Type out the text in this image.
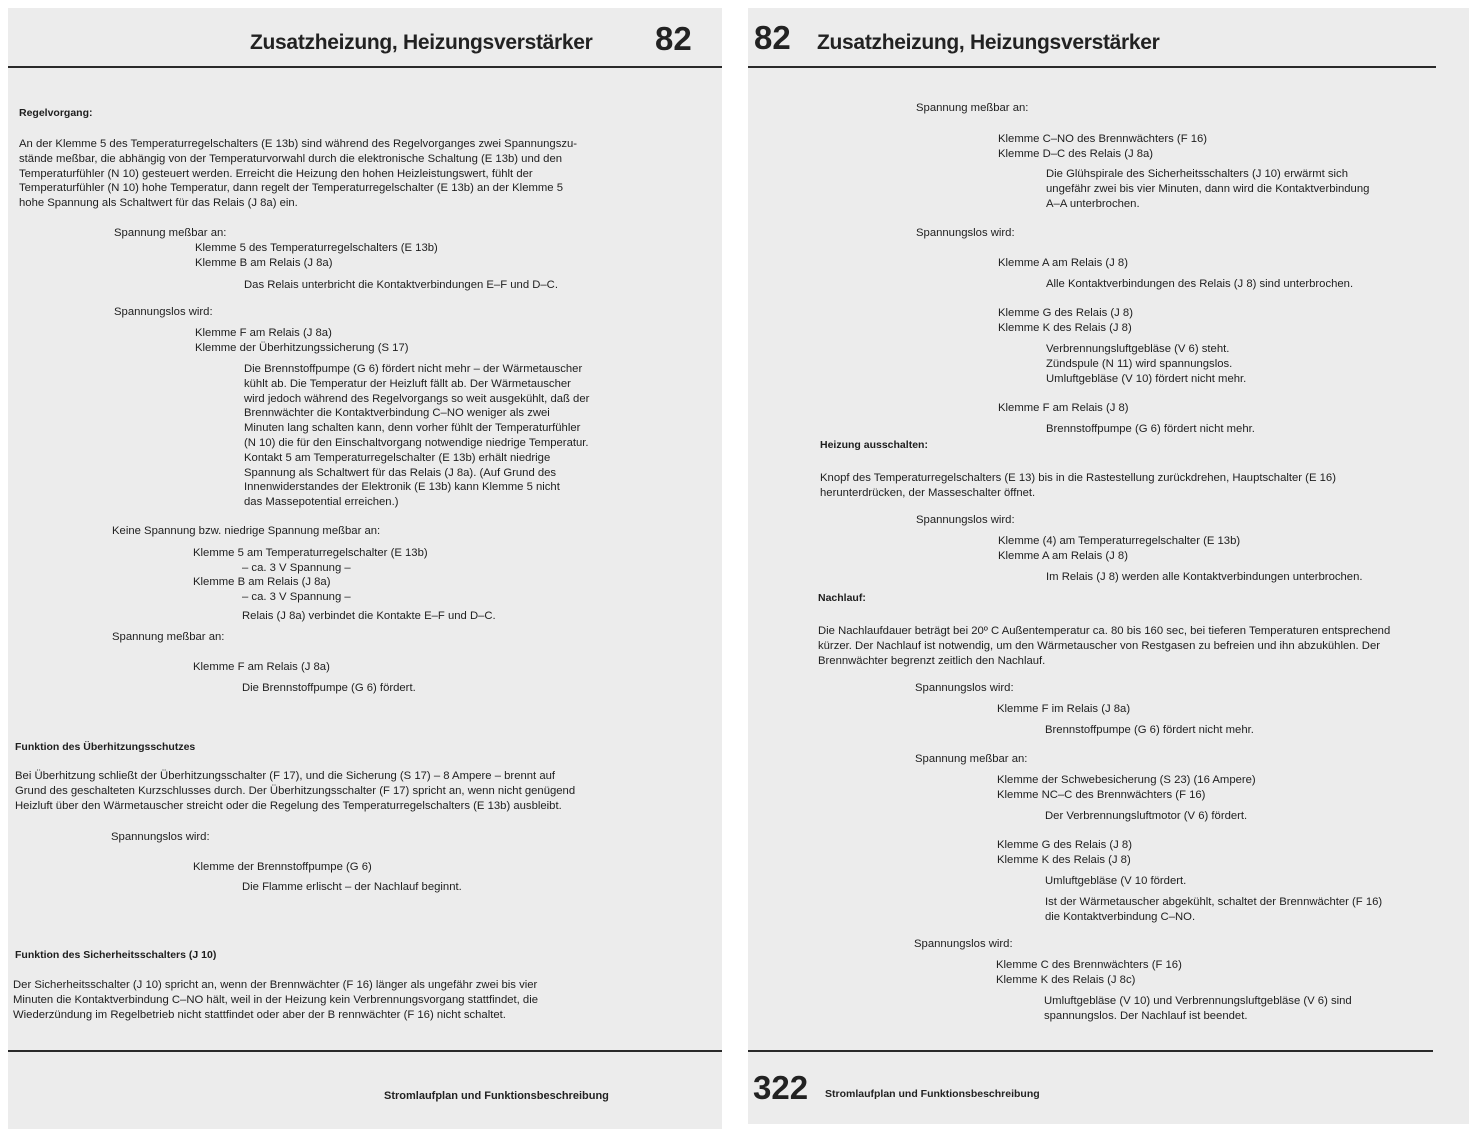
Zusatzheizung, Heizungsverstärker 82
Regelvorgang:
An der Klemme 5 des Temperaturregelschalters (E 13b) sind während des Regelvorganges zwei Spannungszu-
stände meßbar, die abhängig von der Temperaturvorwahl durch die elektronische Schaltung (E 13b) und den
Temperaturfühler (N 10) gesteuert werden. Erreicht die Heizung den hohen Heizleistungswert, fühlt der
Temperaturfühler (N 10) hohe Temperatur, dann regelt der Temperaturregelschalter (E 13b) an der Klemme 5
hohe Spannung als Schaltwert für das Relais (J 8a) ein.
Spannung meßbar an:
Klemme 5 des Temperaturregelschalters (E 13b)
Klemme B am Relais (J 8a)
Das Relais unterbricht die Kontaktverbindungen E–F und D–C.
Spannungslos wird:
Klemme F am Relais (J 8a)
Klemme der Überhitzungssicherung (S 17)
Die Brennstoffpumpe (G 6) fördert nicht mehr – der Wärmetauscher
kühlt ab. Die Temperatur der Heizluft fällt ab. Der Wärmetauscher
wird jedoch während des Regelvorgangs so weit ausgekühlt, daß der
Brennwächter die Kontaktverbindung C–NO weniger als zwei
Minuten lang schalten kann, denn vorher fühlt der Temperaturfühler
(N 10) die für den Einschaltvorgang notwendige niedrige Temperatur.
Kontakt 5 am Temperaturregelschalter (E 13b) erhält niedrige
Spannung als Schaltwert für das Relais (J 8a). (Auf Grund des
Innenwiderstandes der Elektronik (E 13b) kann Klemme 5 nicht
das Massepotential erreichen.)
Keine Spannung bzw. niedrige Spannung meßbar an:
Klemme 5 am Temperaturregelschalter (E 13b)
– ca. 3 V Spannung –
Klemme B am Relais (J 8a)
– ca. 3 V Spannung –
Relais (J 8a) verbindet die Kontakte E–F und D–C.
Spannung meßbar an:
Klemme F am Relais (J 8a)
Die Brennstoffpumpe (G 6) fördert.
Funktion des Überhitzungsschutzes
Bei Überhitzung schließt der Überhitzungsschalter (F 17), und die Sicherung (S 17) – 8 Ampere – brennt auf
Grund des geschalteten Kurzschlusses durch. Der Überhitzungsschalter (F 17) spricht an, wenn nicht genügend
Heizluft über den Wärmetauscher streicht oder die Regelung des Temperaturregelschalters (E 13b) ausbleibt.
Spannungslos wird:
Klemme der Brennstoffpumpe (G 6)
Die Flamme erlischt – der Nachlauf beginnt.
Funktion des Sicherheitsschalters (J 10)
Der Sicherheitsschalter (J 10) spricht an, wenn der Brennwächter (F 16) länger als ungefähr zwei bis vier
Minuten die Kontaktverbindung C–NO hält, weil in der Heizung kein Verbrennungsvorgang stattfindet, die
Wiederzündung im Regelbetrieb nicht stattfindet oder aber der B rennwächter (F 16) nicht schaltet.
Stromlaufplan und Funktionsbeschreibung
82 Zusatzheizung, Heizungsverstärker
Spannung meßbar an:
Klemme C–NO des Brennwächters (F 16)
Klemme D–C des Relais (J 8a)
Die Glühspirale des Sicherheitsschalters (J 10) erwärmt sich
ungefähr zwei bis vier Minuten, dann wird die Kontaktverbindung
A–A unterbrochen.
Spannungslos wird:
Klemme A am Relais (J 8)
Alle Kontaktverbindungen des Relais (J 8) sind unterbrochen.
Klemme G des Relais (J 8)
Klemme K des Relais (J 8)
Verbrennungsluftgebläse (V 6) steht.
Zündspule (N 11) wird spannungslos.
Umluftgebläse (V 10) fördert nicht mehr.
Klemme F am Relais (J 8)
Brennstoffpumpe (G 6) fördert nicht mehr.
Heizung ausschalten:
Knopf des Temperaturregelschalters (E 13) bis in die Rastestellung zurückdrehen, Hauptschalter (E 16)
herunterdrücken, der Masseschalter öffnet.
Spannungslos wird:
Klemme (4) am Temperaturregelschalter (E 13b)
Klemme A am Relais (J 8)
Im Relais (J 8) werden alle Kontaktverbindungen unterbrochen.
Nachlauf:
Die Nachlaufdauer beträgt bei 20º C Außentemperatur ca. 80 bis 160 sec, bei tieferen Temperaturen entsprechend
kürzer. Der Nachlauf ist notwendig, um den Wärmetauscher von Restgasen zu befreien und ihn abzukühlen. Der
Brennwächter begrenzt zeitlich den Nachlauf.
Spannungslos wird:
Klemme F im Relais (J 8a)
Brennstoffpumpe (G 6) fördert nicht mehr.
Spannung meßbar an:
Klemme der Schwebesicherung (S 23) (16 Ampere)
Klemme NC–C des Brennwächters (F 16)
Der Verbrennungsluftmotor (V 6) fördert.
Klemme G des Relais (J 8)
Klemme K des Relais (J 8)
Umluftgebläse (V 10 fördert.
Ist der Wärmetauscher abgekühlt, schaltet der Brennwächter (F 16)
die Kontaktverbindung C–NO.
Spannungslos wird:
Klemme C des Brennwächters (F 16)
Klemme K des Relais (J 8c)
Umluftgebläse (V 10) und Verbrennungsluftgebläse (V 6) sind
spannungslos. Der Nachlauf ist beendet.
322 Stromlaufplan und Funktionsbeschreibung
